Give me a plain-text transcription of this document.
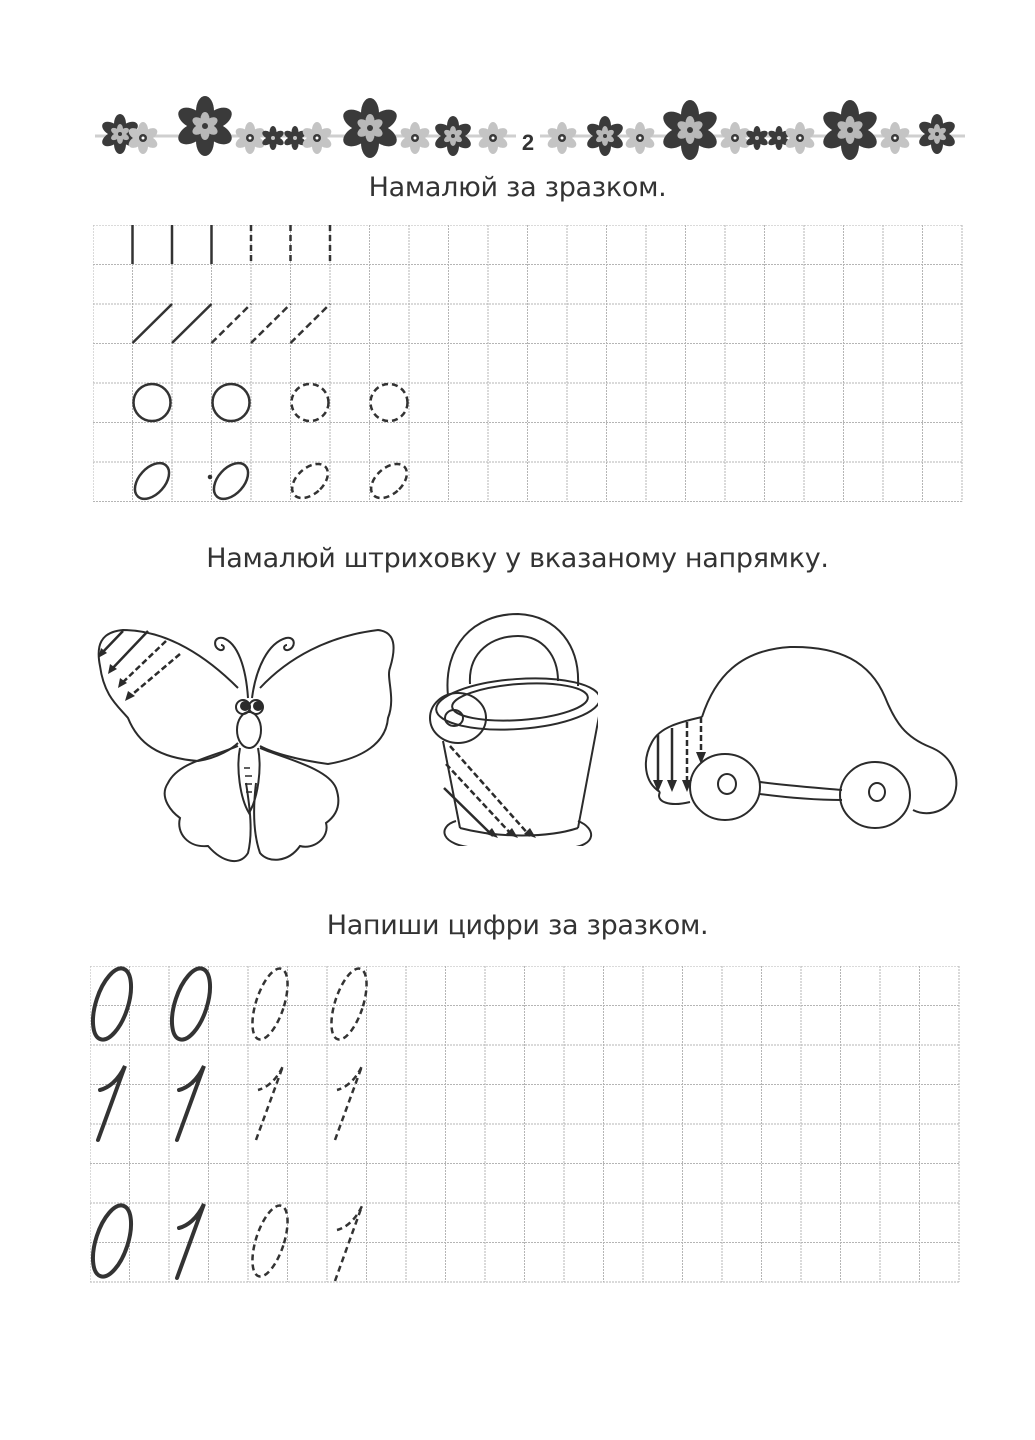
2
Намалюй за зразком.
Намалюй штриховку у вказаному напрямку.
Напиши цифри за зразком.
